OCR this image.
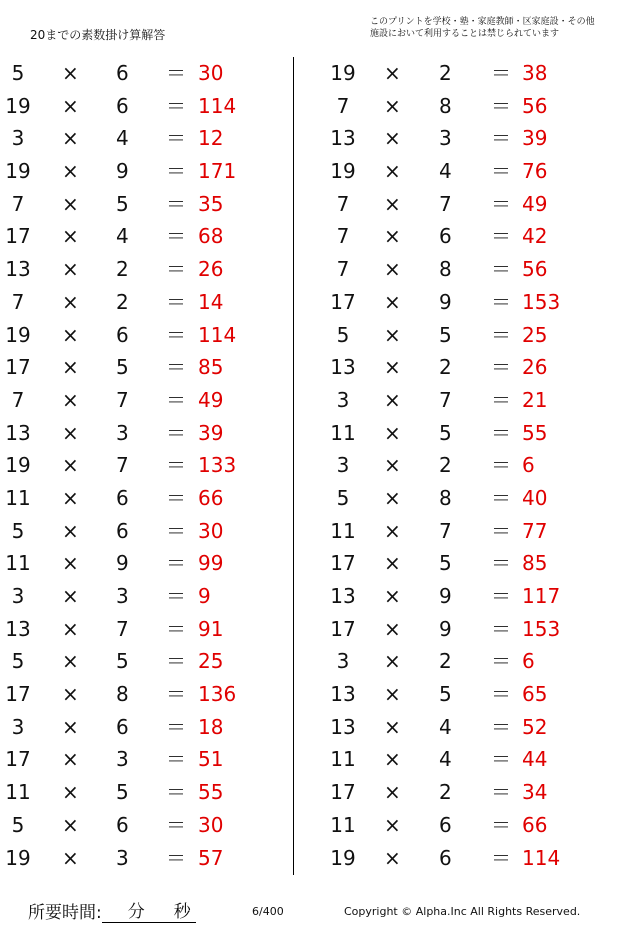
20までの素数掛け算解答
このプリントを学校・塾・家庭教師・区家庭設・その他
施設において利用することは禁じられています
5	× 6 ＝ 30
19 × 6 ＝ 114
3	× 4 ＝ 12
19 × 9 ＝ 171
7	× 5 ＝ 35
17 × 4 ＝ 68
13 × 2 ＝ 26
7	× 2 ＝ 14
19 × 6 ＝ 114
17 × 5 ＝ 85
7	× 7 ＝ 49
13 × 3 ＝ 39
19 × 7 ＝ 133
11 × 6 ＝ 66
5	× 6 ＝ 30
11 × 9 ＝ 99
3	× 3 ＝ 9
13 × 7 ＝ 91
5	× 5 ＝ 25
17 × 8 ＝ 136
3	× 6 ＝ 18
17 × 3 ＝ 51
11 × 5 ＝ 55
5	× 6 ＝ 30
19 × 3 ＝ 57
19 × 2 ＝ 38
7	× 8 ＝ 56
13 × 3 ＝ 39
19 × 4 ＝ 76
7	× 7 ＝ 49
7	× 6 ＝ 42
7	× 8 ＝ 56
17 × 9 ＝ 153
5	× 5 ＝ 25
13 × 2 ＝ 26
3	× 7 ＝ 21
11 × 5 ＝ 55
3	× 2 ＝ 6
5	× 8 ＝ 40
11 × 7 ＝ 77
17 × 5 ＝ 85
13 × 9 ＝ 117
17 × 9 ＝ 153
3	× 2 ＝ 6
13 × 5 ＝ 65
13 × 4 ＝ 52
11 × 4 ＝ 44
17 × 2 ＝ 34
11 × 6 ＝ 66
19 × 6 ＝ 114
所要時間: 分 秒	6/400	Copyright © Alpha.Inc All Rights Reserved.
